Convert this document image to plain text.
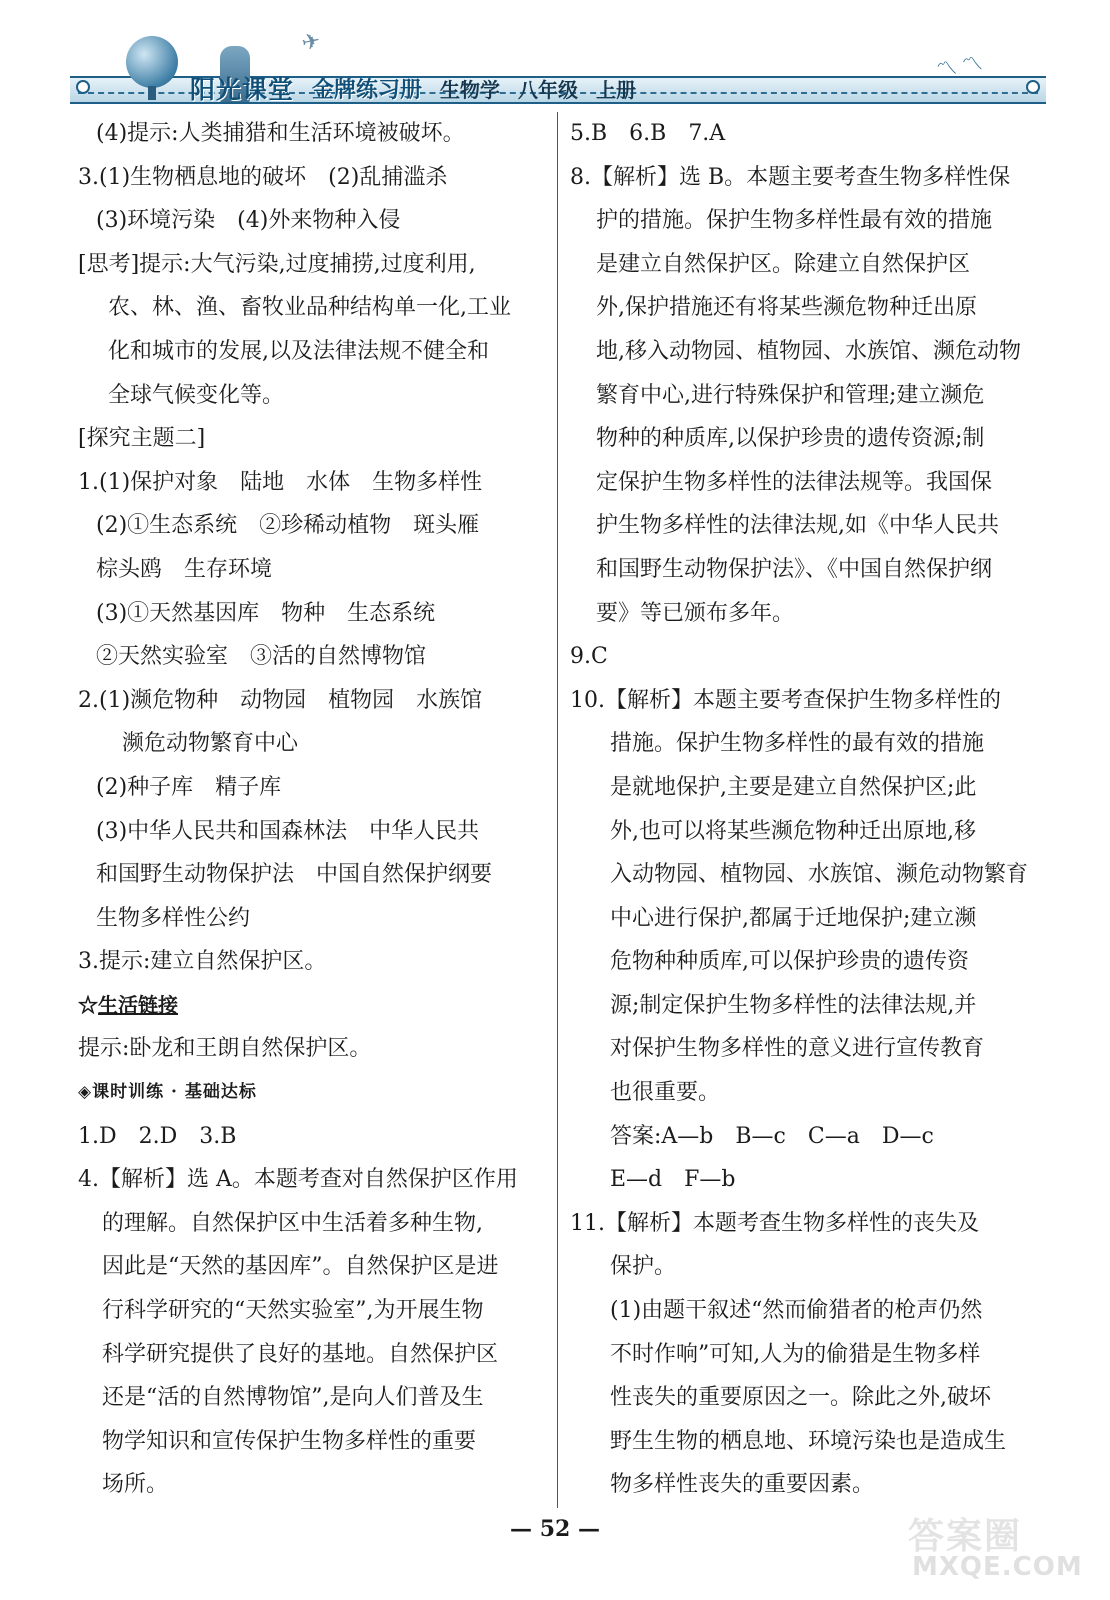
✈
阳光课堂 金牌练习册 生物学 八年级 上册
〽〽
(4)提示:人类捕猎和生活环境被破坏。
3.(1)生物栖息地的破坏　(2)乱捕滥杀
(3)环境污染　(4)外来物种入侵
[思考]提示:大气污染,过度捕捞,过度利用,
农、林、渔、畜牧业品种结构单一化,工业
化和城市的发展,以及法律法规不健全和
全球气候变化等。
[探究主题二]
1.(1)保护对象　陆地　水体　生物多样性
(2)①生态系统　②珍稀动植物　斑头雁
棕头鸥　生存环境
(3)①天然基因库　物种　生态系统
②天然实验室　③活的自然博物馆
2.(1)濒危物种　动物园　植物园　水族馆
濒危动物繁育中心
(2)种子库　精子库
(3)中华人民共和国森林法　中华人民共
和国野生动物保护法　中国自然保护纲要
生物多样性公约
3.提示:建立自然保护区。
☆生活链接
提示:卧龙和王朗自然保护区。
◈课时训练 · 基础达标
1.D　2.D　3.B
4.【解析】选 A。本题考查对自然保护区作用
的理解。自然保护区中生活着多种生物,
因此是“天然的基因库”。自然保护区是进
行科学研究的“天然实验室”,为开展生物
科学研究提供了良好的基地。自然保护区
还是“活的自然博物馆”,是向人们普及生
物学知识和宣传保护生物多样性的重要
场所。
5.B　6.B　7.A
8.【解析】选 B。本题主要考查生物多样性保
护的措施。保护生物多样性最有效的措施
是建立自然保护区。除建立自然保护区
外,保护措施还有将某些濒危物种迁出原
地,移入动物园、植物园、水族馆、濒危动物
繁育中心,进行特殊保护和管理;建立濒危
物种的种质库,以保护珍贵的遗传资源;制
定保护生物多样性的法律法规等。我国保
护生物多样性的法律法规,如《中华人民共
和国野生动物保护法》、《中国自然保护纲
要》等已颁布多年。
9.C
10.【解析】本题主要考查保护生物多样性的
措施。保护生物多样性的最有效的措施
是就地保护,主要是建立自然保护区;此
外,也可以将某些濒危物种迁出原地,移
入动物园、植物园、水族馆、濒危动物繁育
中心进行保护,都属于迁地保护;建立濒
危物种种质库,可以保护珍贵的遗传资
源;制定保护生物多样性的法律法规,并
对保护生物多样性的意义进行宣传教育
也很重要。
答案:A—b　B—c　C—a　D—c
E—d　F—b
11.【解析】本题考查生物多样性的丧失及
保护。
(1)由题干叙述“然而偷猎者的枪声仍然
不时作响”可知,人为的偷猎是生物多样
性丧失的重要原因之一。除此之外,破坏
野生生物的栖息地、环境污染也是造成生
物多样性丧失的重要因素。
— 52 —	答案圈
MXQE.COM
